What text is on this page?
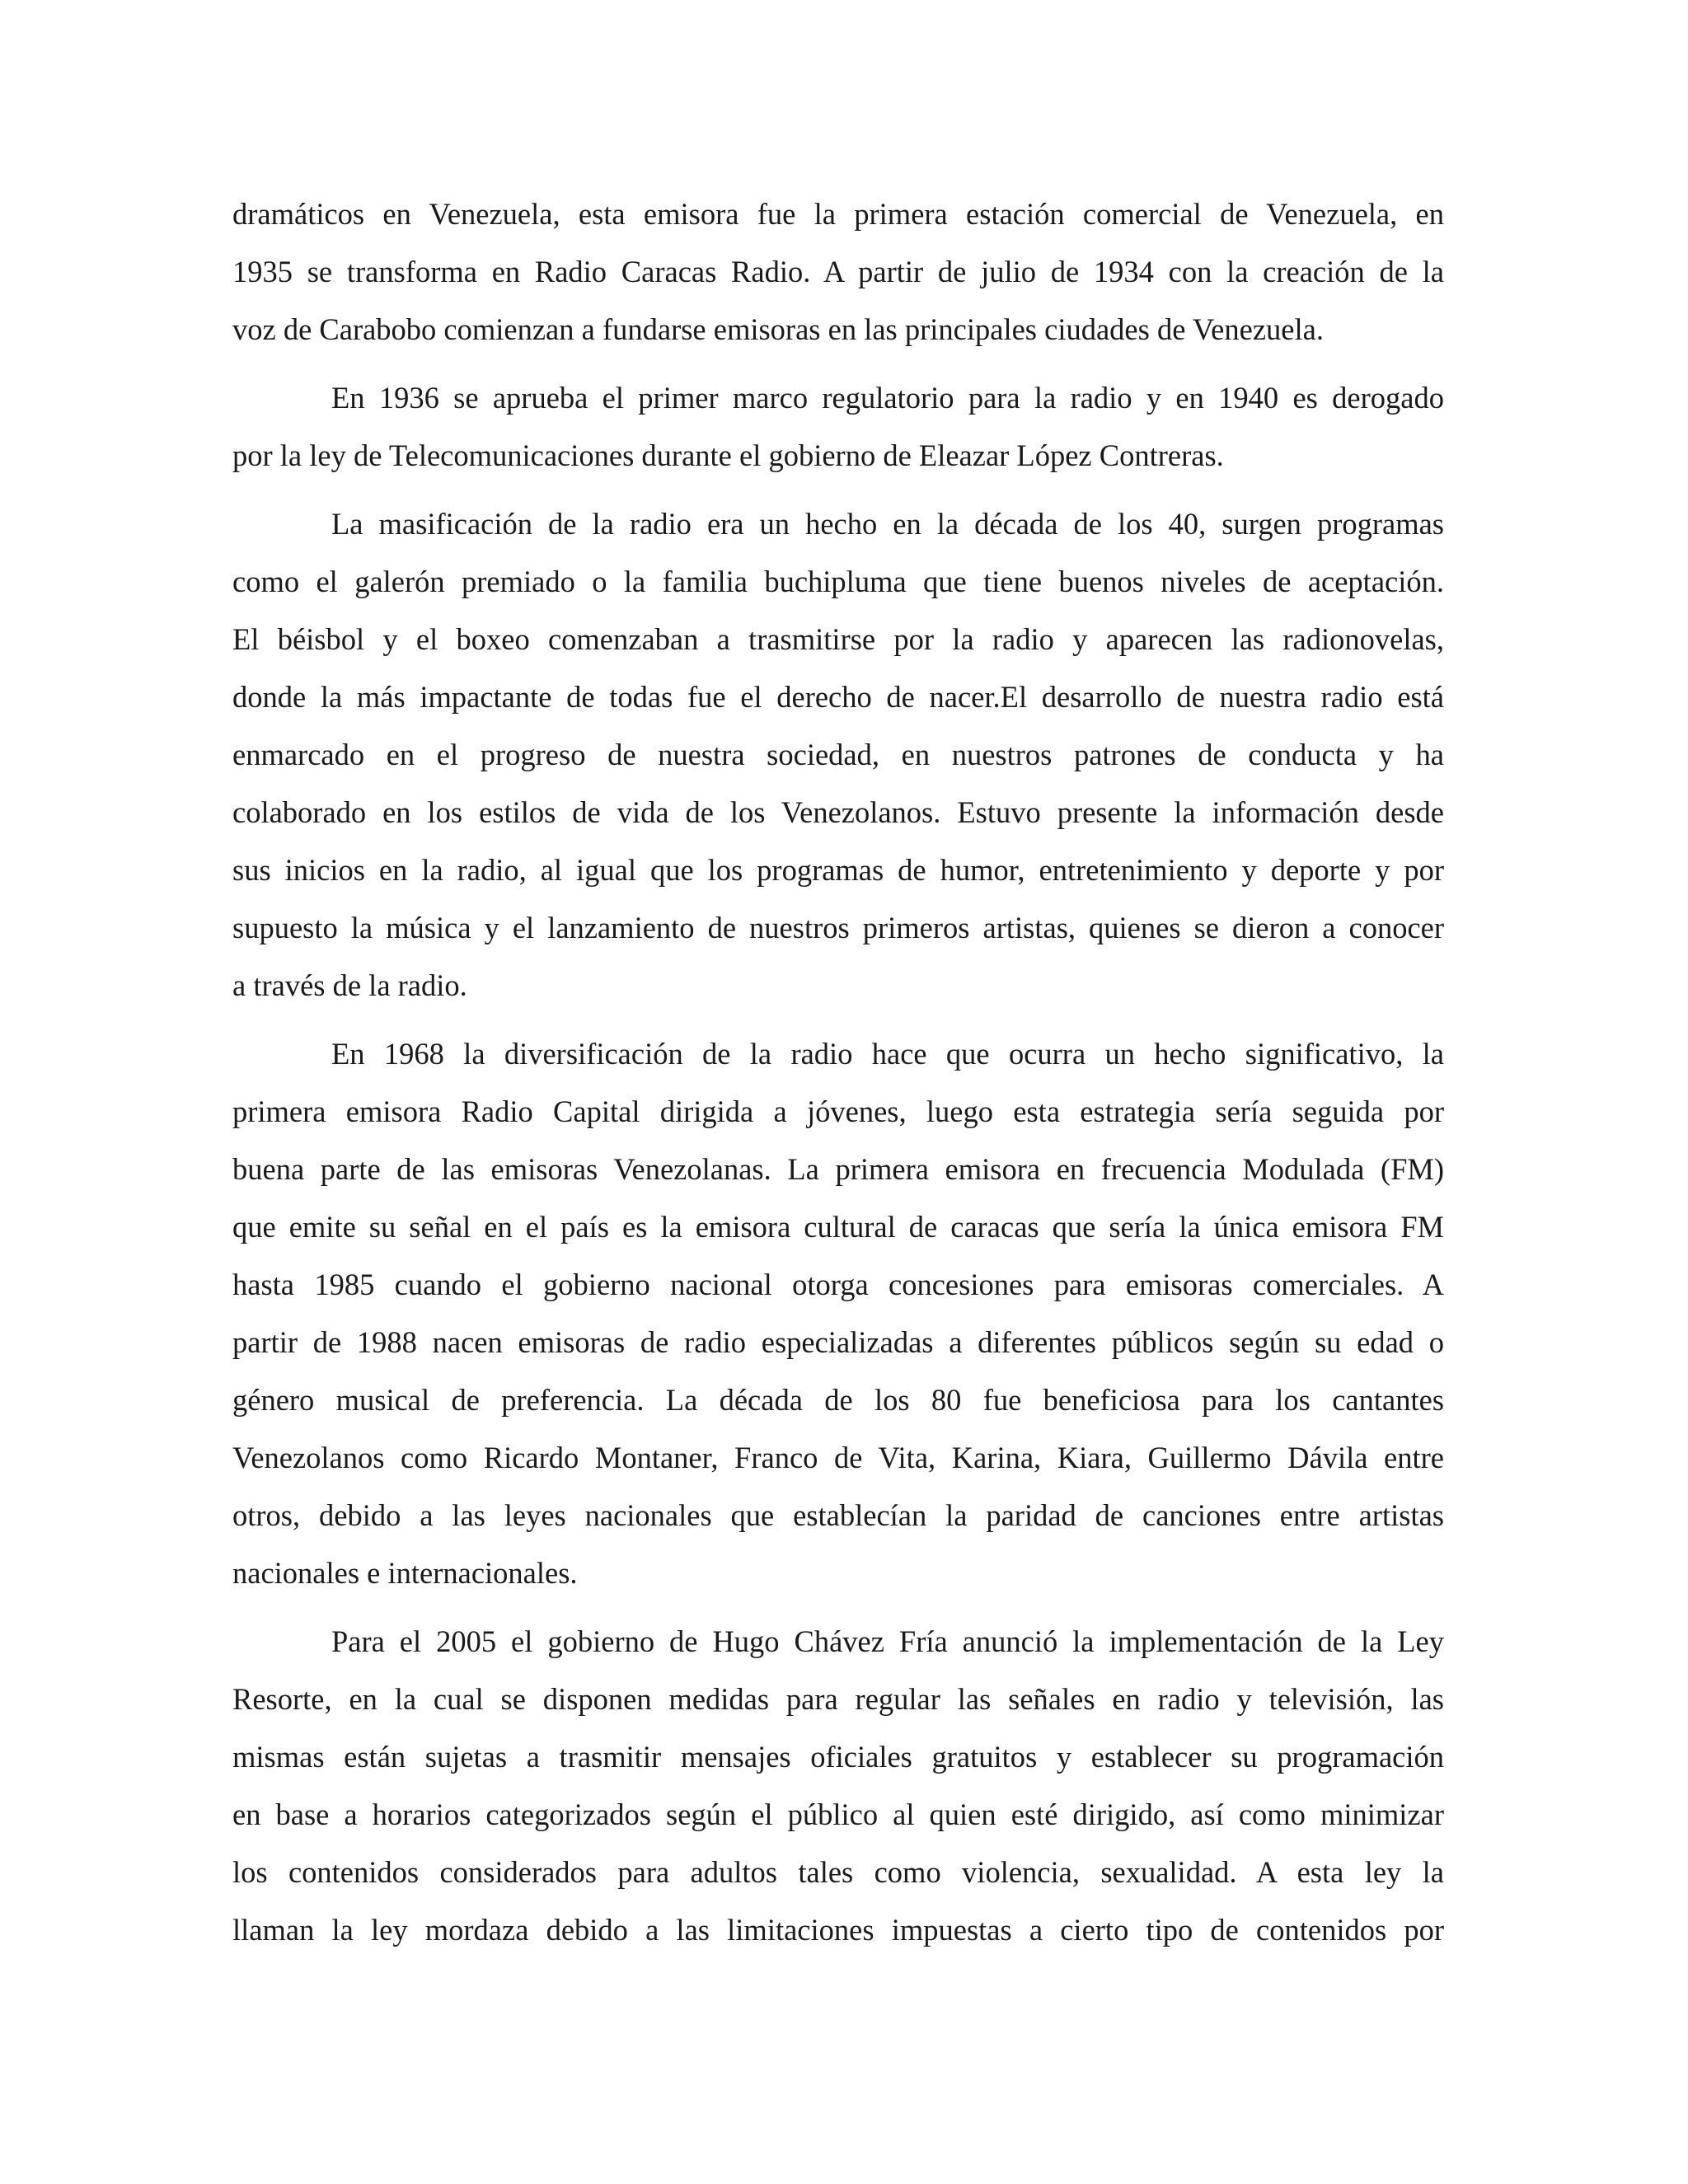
dramáticos en Venezuela, esta emisora fue la primera estación comercial de Venezuela, en
1935 se transforma en Radio Caracas Radio. A partir de julio de 1934 con la creación de la
voz de Carabobo comienzan a fundarse emisoras en las principales ciudades de Venezuela.
En 1936 se aprueba el primer marco regulatorio para la radio y en 1940 es derogado
por la ley de Telecomunicaciones durante el gobierno de Eleazar López Contreras.
La masificación de la radio era un hecho en la década de los 40, surgen programas
como el galerón premiado o la familia buchipluma que tiene buenos niveles de aceptación.
El béisbol y el boxeo comenzaban a trasmitirse por la radio y aparecen las radionovelas,
donde la más impactante de todas fue el derecho de nacer.El desarrollo de nuestra radio está
enmarcado en el progreso de nuestra sociedad, en nuestros patrones de conducta y ha
colaborado en los estilos de vida de los Venezolanos. Estuvo presente la información desde
sus inicios en la radio, al igual que los programas de humor, entretenimiento y deporte y por
supuesto la música y el lanzamiento de nuestros primeros artistas, quienes se dieron a conocer
a través de la radio.
En 1968 la diversificación de la radio hace que ocurra un hecho significativo, la
primera emisora Radio Capital dirigida a jóvenes, luego esta estrategia sería seguida por
buena parte de las emisoras Venezolanas. La primera emisora en frecuencia Modulada (FM)
que emite su señal en el país es la emisora cultural de caracas que sería la única emisora FM
hasta 1985 cuando el gobierno nacional otorga concesiones para emisoras comerciales. A
partir de 1988 nacen emisoras de radio especializadas a diferentes públicos según su edad o
género musical de preferencia. La década de los 80 fue beneficiosa para los cantantes
Venezolanos como Ricardo Montaner, Franco de Vita, Karina, Kiara, Guillermo Dávila entre
otros, debido a las leyes nacionales que establecían la paridad de canciones entre artistas
nacionales e internacionales.
Para el 2005 el gobierno de Hugo Chávez Fría anunció la implementación de la Ley
Resorte, en la cual se disponen medidas para regular las señales en radio y televisión, las
mismas están sujetas a trasmitir mensajes oficiales gratuitos y establecer su programación
en base a horarios categorizados según el público al quien esté dirigido, así como minimizar
los contenidos considerados para adultos tales como violencia, sexualidad. A esta ley la
llaman la ley mordaza debido a las limitaciones impuestas a cierto tipo de contenidos por
